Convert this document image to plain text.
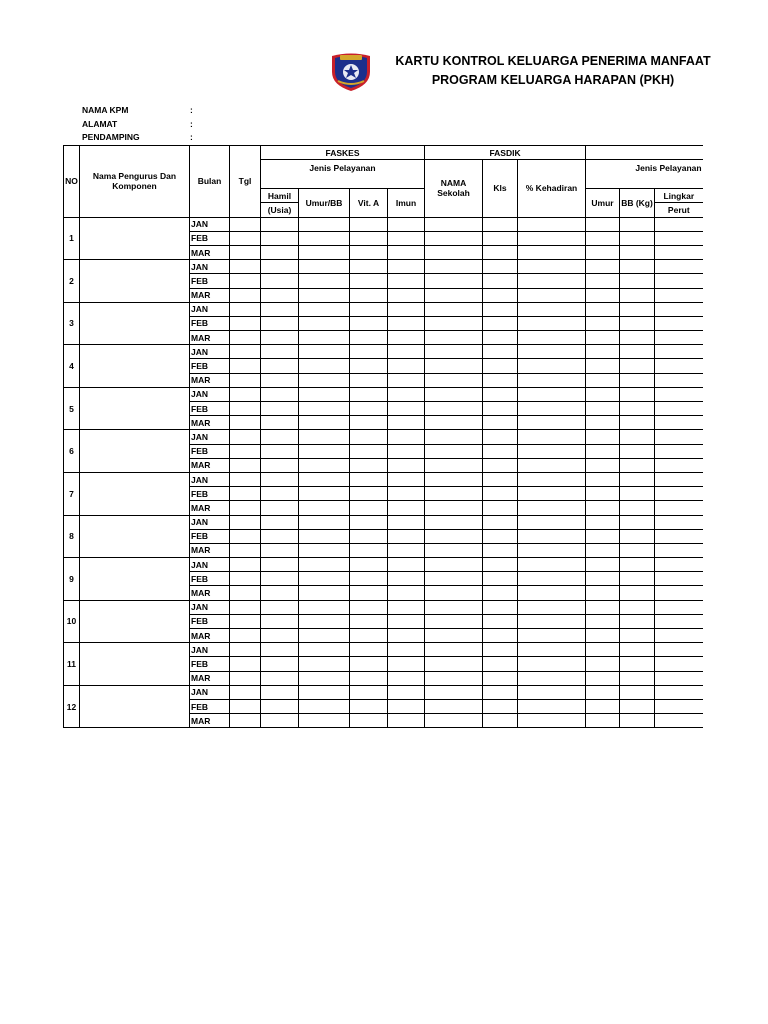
KARTU KONTROL KELUARGA PENERIMA MANFAAT
PROGRAM KELUARGA HARAPAN (PKH)
NAMA KPM	:
ALAMAT	:
PENDAMPING	:
NO	Nama Pengurus Dan Komponen	Bulan	Tgl	FASKES				FASDIK					
				Jenis Pelayanan				NAMA Sekolah	Kls	% Kehadiran	Jenis Pelayanan		
				Hamil	Umur/BB	Vit. A	Imun				Umur	BB (Kg)	Lingkar
				(Usia)									Perut
1		JAN											
		FEB											
		MAR											
2		JAN											
		FEB											
		MAR											
3		JAN											
		FEB											
		MAR											
4		JAN											
		FEB											
		MAR											
5		JAN											
		FEB											
		MAR											
6		JAN											
		FEB											
		MAR											
7		JAN											
		FEB											
		MAR											
8		JAN											
		FEB											
		MAR											
9		JAN											
		FEB											
		MAR											
10		JAN											
		FEB											
		MAR											
11		JAN											
		FEB											
		MAR											
12		JAN											
		FEB											
		MAR											
